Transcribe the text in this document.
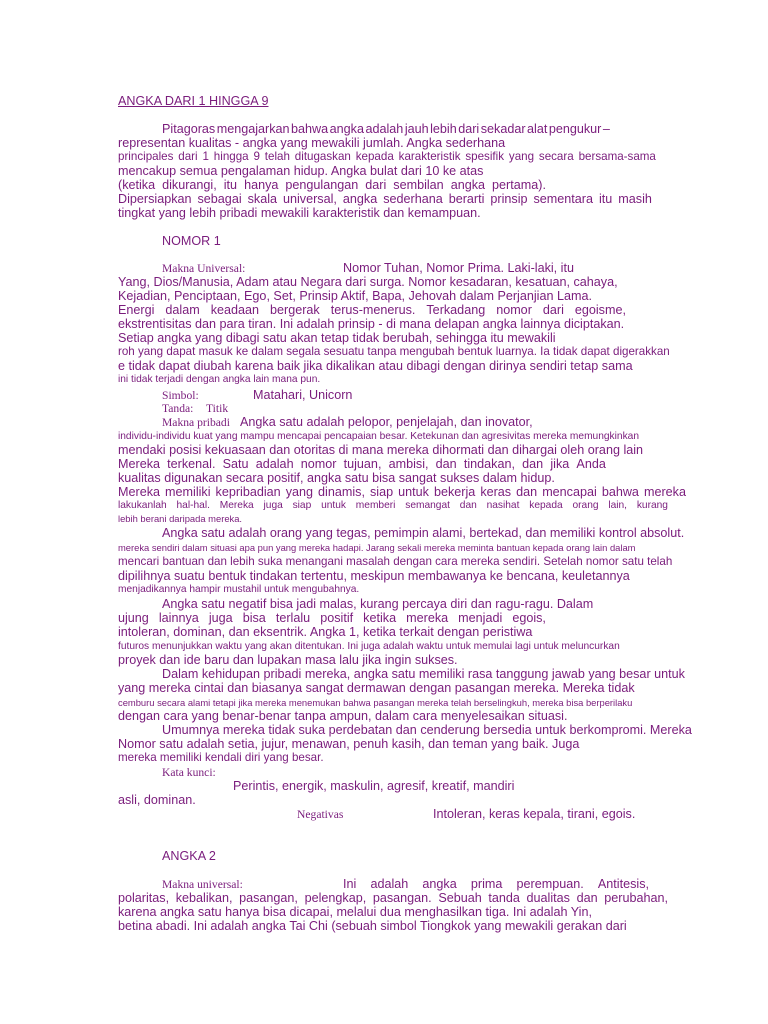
ANGKA DARI 1 HINGGA 9
Pitagoras mengajarkan bahwa angka adalah jauh lebih dari sekadar alat pengukur –
representan kualitas - angka yang mewakili jumlah. Angka sederhana
principales dari 1 hingga 9 telah ditugaskan kepada karakteristik spesifik yang secara bersama-sama
mencakup semua pengalaman hidup. Angka bulat dari 10 ke atas
(ketika dikurangi, itu hanya pengulangan dari sembilan angka pertama).
Dipersiapkan sebagai skala universal, angka sederhana berarti prinsip sementara itu masih
tingkat yang lebih pribadi mewakili karakteristik dan kemampuan.
NOMOR 1
Makna Universal:	Nomor Tuhan, Nomor Prima. Laki-laki, itu
Yang, Dios/Manusia, Adam atau Negara dari surga. Nomor kesadaran, kesatuan, cahaya,
Kejadian, Penciptaan, Ego, Set, Prinsip Aktif, Bapa, Jehovah dalam Perjanjian Lama.
Energi dalam keadaan bergerak terus-menerus. Terkadang nomor dari egoisme,
ekstrentisitas dan para tiran. Ini adalah prinsip - di mana delapan angka lainnya diciptakan.
Setiap angka yang dibagi satu akan tetap tidak berubah, sehingga itu mewakili
roh yang dapat masuk ke dalam segala sesuatu tanpa mengubah bentuk luarnya. Ia tidak dapat digerakkan
e tidak dapat diubah karena baik jika dikalikan atau dibagi dengan dirinya sendiri tetap sama
ini tidak terjadi dengan angka lain mana pun.
Simbol:	Matahari, Unicorn
Tanda: Titik
Makna pribadi Angka satu adalah pelopor, penjelajah, dan inovator,
individu-individu kuat yang mampu mencapai pencapaian besar. Ketekunan dan agresivitas mereka memungkinkan
mendaki posisi kekuasaan dan otoritas di mana mereka dihormati dan dihargai oleh orang lain
Mereka terkenal. Satu adalah nomor tujuan, ambisi, dan tindakan, dan jika Anda
kualitas digunakan secara positif, angka satu bisa sangat sukses dalam hidup.
Mereka memiliki kepribadian yang dinamis, siap untuk bekerja keras dan mencapai bahwa mereka
lakukanlah hal-hal. Mereka juga siap untuk memberi semangat dan nasihat kepada orang lain, kurang
lebih berani daripada mereka.
Angka satu adalah orang yang tegas, pemimpin alami, bertekad, dan memiliki kontrol absolut.
mereka sendiri dalam situasi apa pun yang mereka hadapi. Jarang sekali mereka meminta bantuan kepada orang lain dalam
mencari bantuan dan lebih suka menangani masalah dengan cara mereka sendiri. Setelah nomor satu telah
dipilihnya suatu bentuk tindakan tertentu, meskipun membawanya ke bencana, keuletannya
menjadikannya hampir mustahil untuk mengubahnya.
Angka satu negatif bisa jadi malas, kurang percaya diri dan ragu-ragu. Dalam
ujung lainnya juga bisa terlalu positif ketika mereka menjadi egois,
intoleran, dominan, dan eksentrik. Angka 1, ketika terkait dengan peristiwa
futuros menunjukkan waktu yang akan ditentukan. Ini juga adalah waktu untuk memulai lagi untuk meluncurkan
proyek dan ide baru dan lupakan masa lalu jika ingin sukses.
Dalam kehidupan pribadi mereka, angka satu memiliki rasa tanggung jawab yang besar untuk
yang mereka cintai dan biasanya sangat dermawan dengan pasangan mereka. Mereka tidak
cemburu secara alami tetapi jika mereka menemukan bahwa pasangan mereka telah berselingkuh, mereka bisa berperilaku
dengan cara yang benar-benar tanpa ampun, dalam cara menyelesaikan situasi.
Umumnya mereka tidak suka perdebatan dan cenderung bersedia untuk berkompromi. Mereka
Nomor satu adalah setia, jujur, menawan, penuh kasih, dan teman yang baik. Juga
mereka memiliki kendali diri yang besar.
Kata kunci:
Perintis, energik, maskulin, agresif, kreatif, mandiri
asli, dominan.
Negativas	Intoleran, keras kepala, tirani, egois.
ANGKA 2
Makna universal:	Ini adalah angka prima perempuan. Antitesis,
polaritas, kebalikan, pasangan, pelengkap, pasangan. Sebuah tanda dualitas dan perubahan,
karena angka satu hanya bisa dicapai, melalui dua menghasilkan tiga. Ini adalah Yin,
betina abadi. Ini adalah angka Tai Chi (sebuah simbol Tiongkok yang mewakili gerakan dari
